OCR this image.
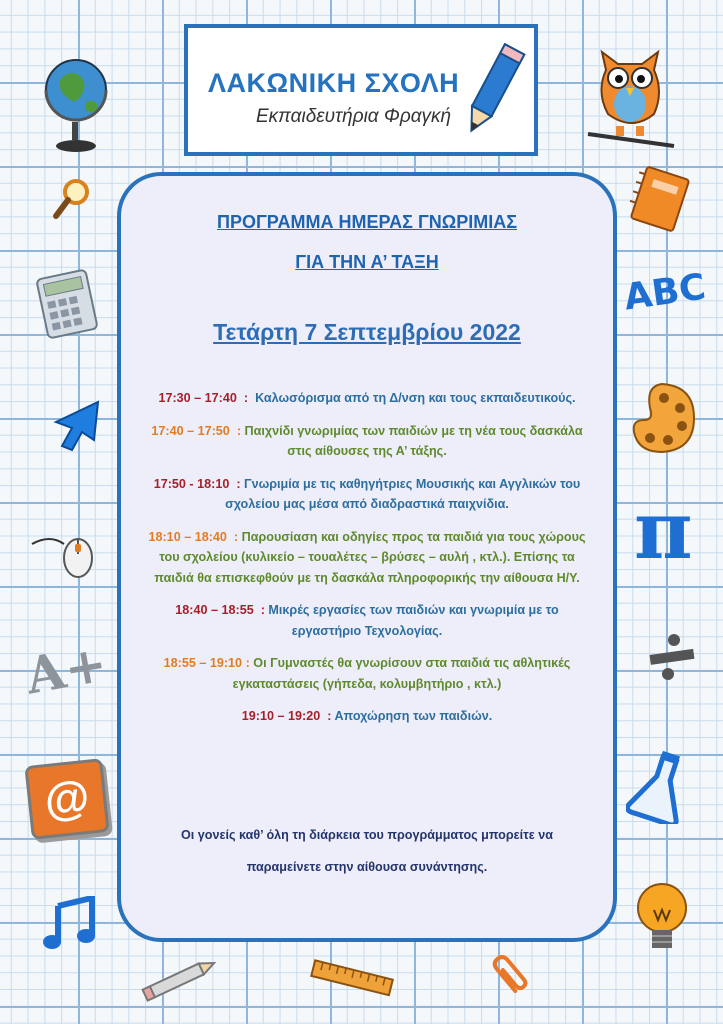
ΛΑΚΩΝΙΚΗ ΣΧΟΛΗ
Εκπαιδευτήρια Φραγκή
ΠΡΟΓΡΑΜΜΑ ΗΜΕΡΑΣ ΓΝΩΡΙΜΙΑΣ
ΓΙΑ ΤΗΝ Α’ ΤΑΞΗ
Τετάρτη 7 Σεπτεμβρίου 2022
17:30 – 17:40  :  Καλωσόρισμα από τη Δ/νση και τους εκπαιδευτικούς.
17:40 – 17:50  : Παιχνίδι γνωριμίας των παιδιών με τη νέα τους δασκάλα στις αίθουσες της Α’ τάξης.
17:50 - 18:10  : Γνωριμία με τις καθηγήτριες Μουσικής και Αγγλικών του σχολείου μας μέσα από διαδραστικά παιχνίδια.
18:10 – 18:40  : Παρουσίαση και οδηγίες προς τα παιδιά για τους χώρους του σχολείου (κυλικείο – τουαλέτες – βρύσες – αυλή , κτλ.). Επίσης τα παιδιά θα επισκεφθούν με τη δασκάλα πληροφορικής την αίθουσα Η/Υ.
18:40 – 18:55  : Μικρές εργασίες των παιδιών και γνωριμία με το εργαστήριο Τεχνολογίας.
18:55 – 19:10 : Οι Γυμναστές θα γνωρίσουν στα παιδιά τις αθλητικές εγκαταστάσεις (γήπεδα, κολυμβητήριο , κτλ.)
19:10 – 19:20  : Αποχώρηση των παιδιών.
Οι γονείς καθ’ όλη τη διάρκεια του προγράμματος μπορείτε να
παραμείνετε στην αίθουσα συνάντησης.
A+
@
ABC
π
